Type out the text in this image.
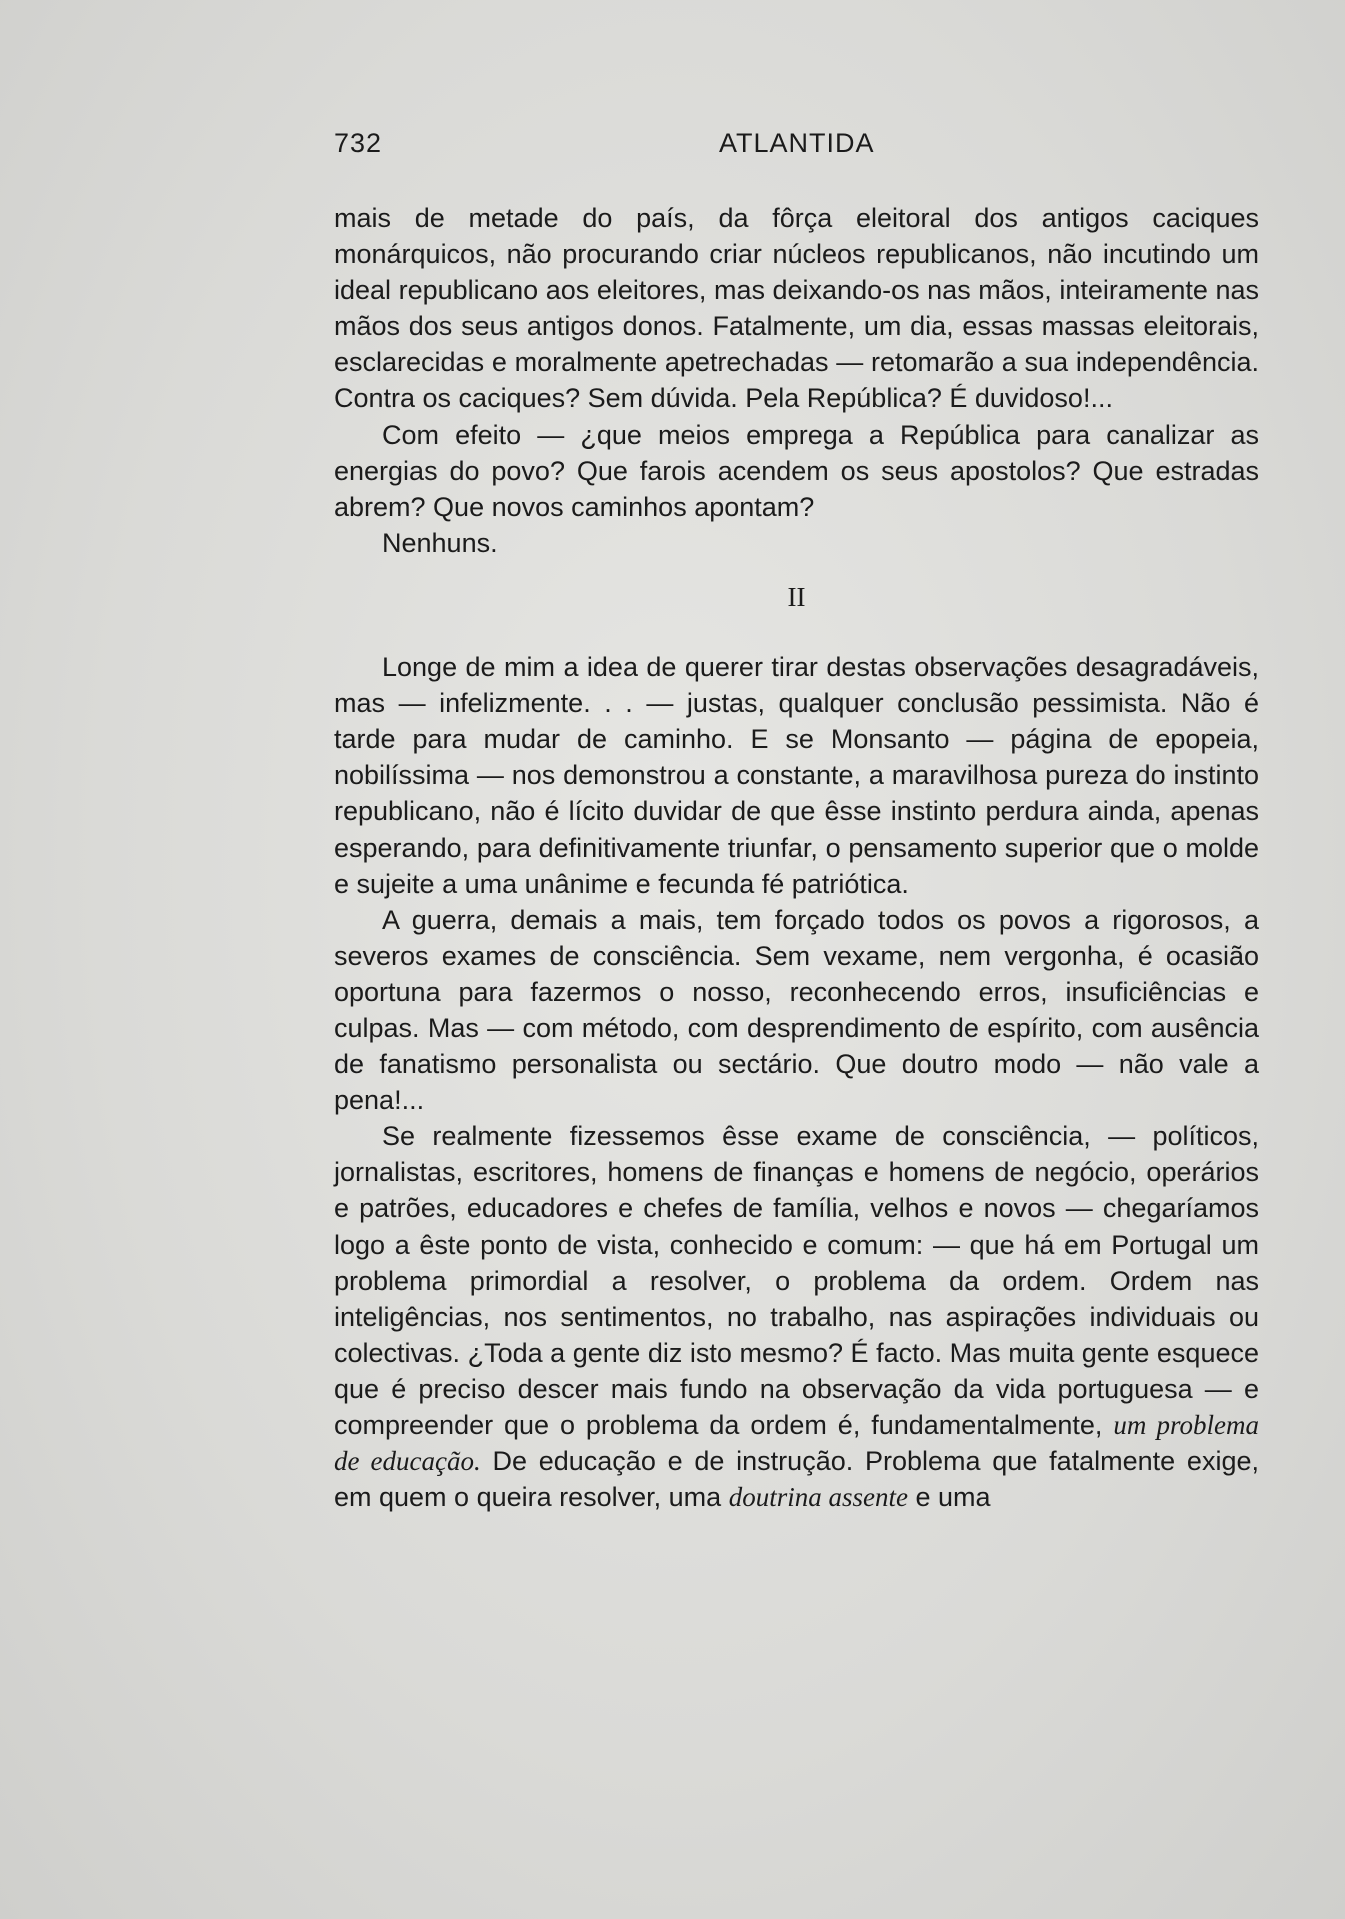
732	ATLANTIDA

mais de metade do país, da fôrça eleitoral dos antigos caciques monárquicos, não procurando criar núcleos republicanos, não incutindo um ideal republicano aos eleitores, mas deixando-os nas mãos, inteiramente nas mãos dos seus antigos donos. Fatalmente, um dia, essas massas eleitorais, esclarecidas e moralmente apetrechadas — retomarão a sua independência. Contra os caciques? Sem dúvida. Pela República? É duvidoso!...

Com efeito — ¿que meios emprega a República para canalizar as energias do povo? Que farois acendem os seus apostolos? Que estradas abrem? Que novos caminhos apontam?

Nenhuns.

II

Longe de mim a idea de querer tirar destas observações desagradáveis, mas — infelizmente. . . — justas, qualquer conclusão pessimista. Não é tarde para mudar de caminho. E se Monsanto — página de epopeia, nobilíssima — nos demonstrou a constante, a maravilhosa pureza do instinto republicano, não é lícito duvidar de que êsse instinto perdura ainda, apenas esperando, para definitivamente triunfar, o pensamento superior que o molde e sujeite a uma unânime e fecunda fé patriótica.

A guerra, demais a mais, tem forçado todos os povos a rigorosos, a severos exames de consciência. Sem vexame, nem vergonha, é ocasião oportuna para fazermos o nosso, reconhecendo erros, insuficiências e culpas. Mas — com método, com desprendimento de espírito, com ausência de fanatismo personalista ou sectário. Que doutro modo — não vale a pena!...

Se realmente fizessemos êsse exame de consciência, — políticos, jornalistas, escritores, homens de finanças e homens de negócio, operários e patrões, educadores e chefes de família, velhos e novos — chegaríamos logo a êste ponto de vista, conhecido e comum: — que há em Portugal um problema primordial a resolver, o problema da ordem. Ordem nas inteligências, nos sentimentos, no trabalho, nas aspirações individuais ou colectivas. ¿Toda a gente diz isto mesmo? É facto. Mas muita gente esquece que é preciso descer mais fundo na observação da vida portuguesa — e compreender que o problema da ordem é, fundamentalmente, um problema de educação. De educação e de instrução. Problema que fatalmente exige, em quem o queira resolver, uma doutrina assente e uma
